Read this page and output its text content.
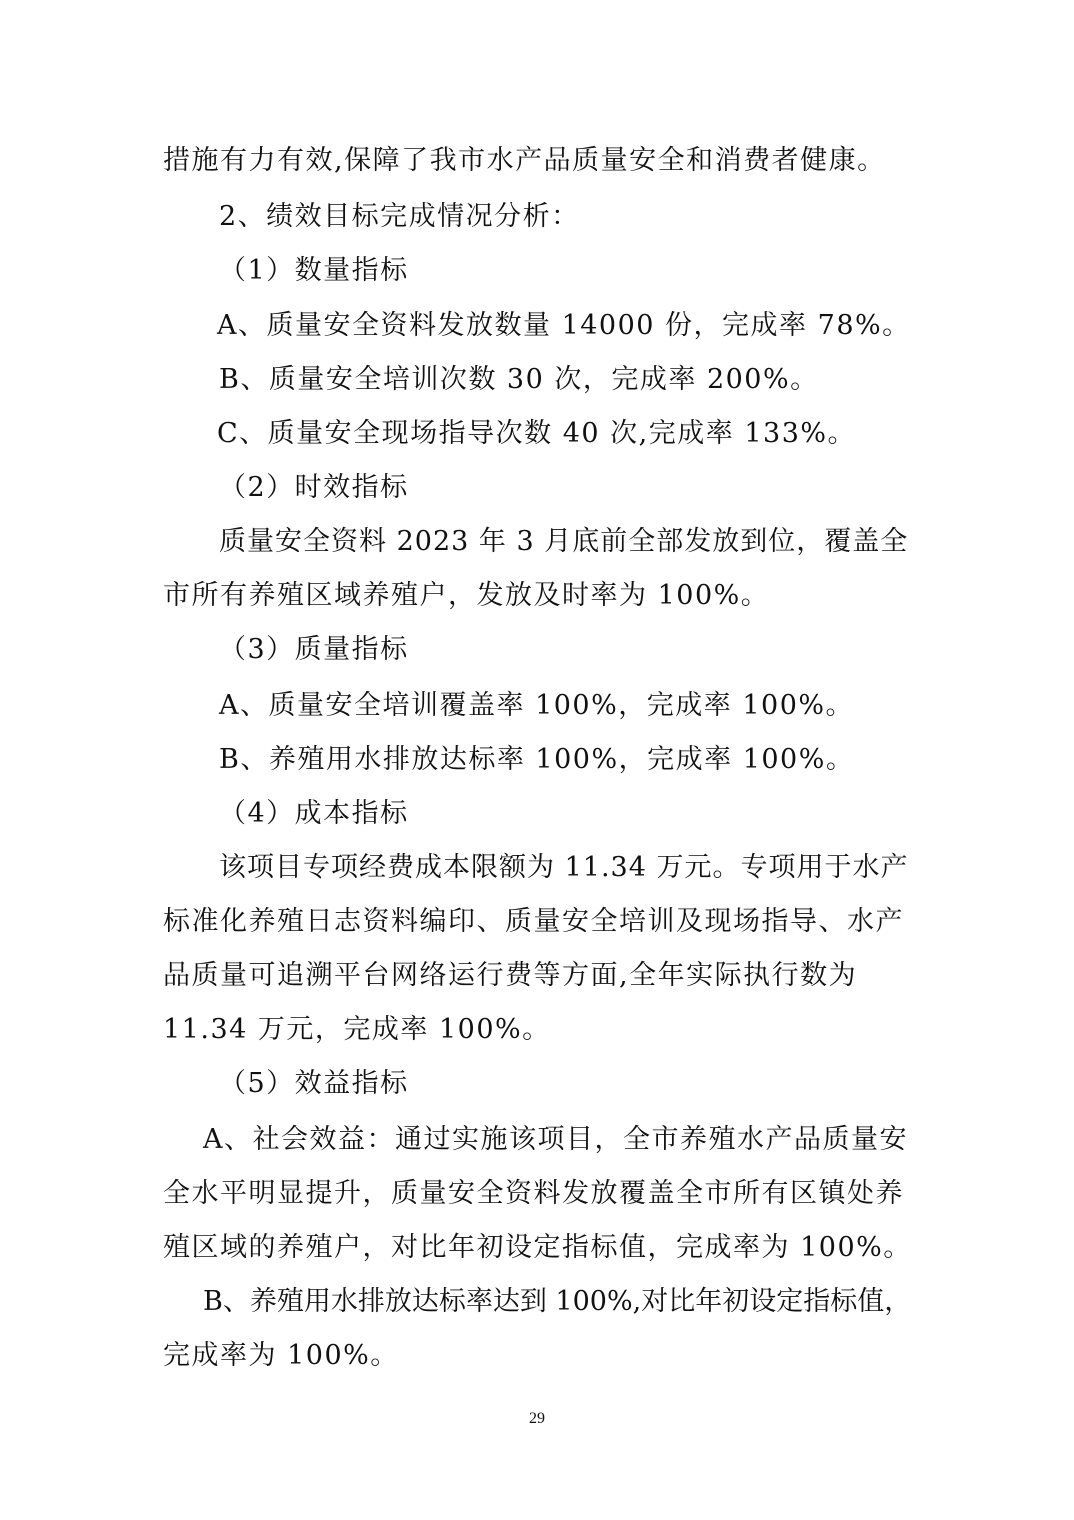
措施有力有效,保障了我市水产品质量安全和消费者健康。
2、绩效目标完成情况分析：
（1）数量指标
A、质量安全资料发放数量 14000 份，完成率 78%。
B、质量安全培训次数 30 次，完成率 200%。
C、质量安全现场指导次数 40 次,完成率 133%。
（2）时效指标
质量安全资料 2023 年 3 月底前全部发放到位，覆盖全
市所有养殖区域养殖户，发放及时率为 100%。
（3）质量指标
A、质量安全培训覆盖率 100%，完成率 100%。
B、养殖用水排放达标率 100%，完成率 100%。
（4）成本指标
该项目专项经费成本限额为 11.34 万元。专项用于水产
标准化养殖日志资料编印、质量安全培训及现场指导、水产
品质量可追溯平台网络运行费等方面,全年实际执行数为
11.34 万元，完成率 100%。
（5）效益指标
A、社会效益：通过实施该项目，全市养殖水产品质量安
全水平明显提升，质量安全资料发放覆盖全市所有区镇处养
殖区域的养殖户，对比年初设定指标值，完成率为 100%。
B、养殖用水排放达标率达到 100%,对比年初设定指标值，
完成率为 100%。
29
